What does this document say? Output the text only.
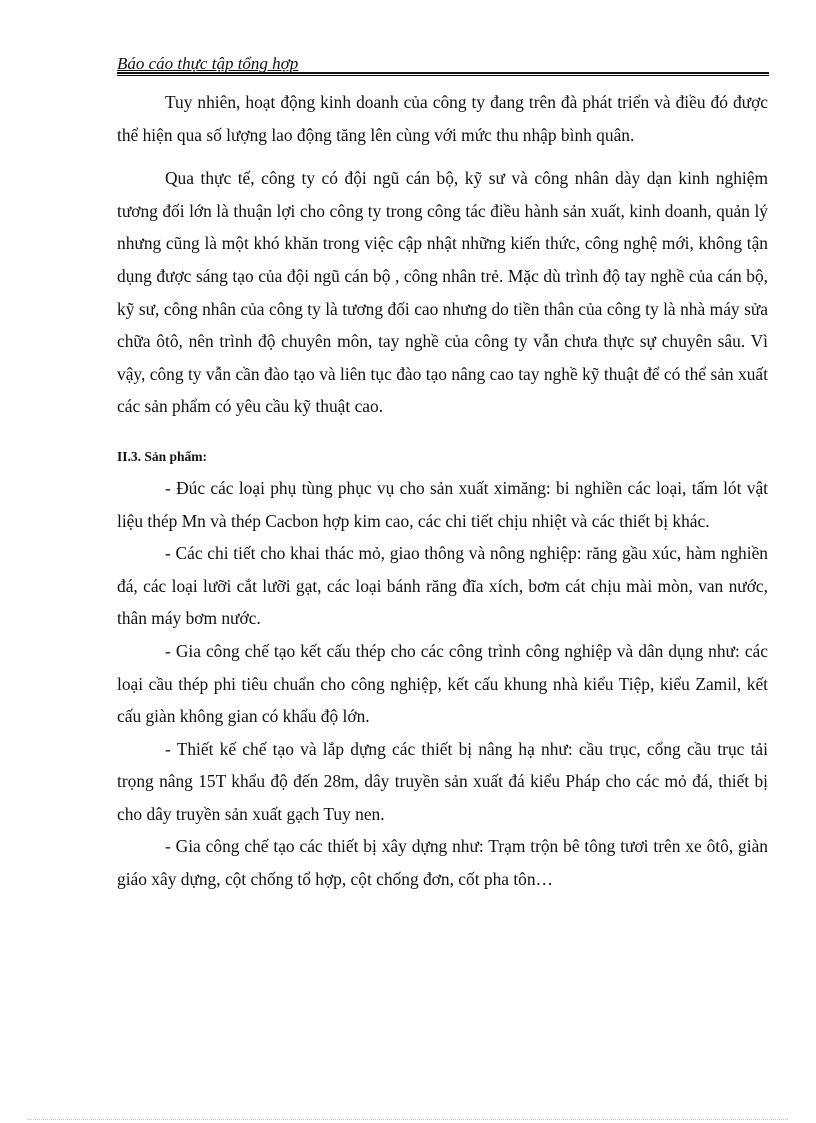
Báo cáo thực tập tổng hợp

Tuy nhiên, hoạt động kinh doanh của công ty đang trên đà phát triển và điều đó được thể hiện qua số lượng lao động tăng lên cùng với mức thu nhập bình quân.

Qua thực tế, công ty có đội ngũ cán bộ, kỹ sư và công nhân dày dạn kinh nghiệm tương đối lớn là thuận lợi cho công ty trong công tác điều hành sản xuất, kinh doanh, quản lý nhưng cũng là một khó khăn trong việc cập nhật những kiến thức, công nghệ mới, không tận dụng được sáng tạo của đội ngũ cán bộ , công nhân trẻ. Mặc dù trình độ tay nghề của cán bộ, kỹ sư, công nhân của công ty là tương đối cao nhưng do tiền thân của công ty là nhà máy sửa chữa ôtô, nên trình độ chuyên môn, tay nghề của công ty vẫn chưa thực sự chuyên sâu. Vì vậy, công ty vẫn cần đào tạo và liên tục đào tạo nâng cao tay nghề kỹ thuật để có thể sản xuất các sản phẩm có yêu cầu kỹ thuật cao.

II.3. Sản phẩm:

- Đúc các loại phụ tùng phục vụ cho sản xuất ximăng: bi nghiền các loại, tấm lót vật liệu thép Mn và thép Cacbon hợp kim cao, các chi tiết chịu nhiệt và các thiết bị khác.

- Các chi tiết cho khai thác mỏ, giao thông và nông nghiệp: răng gầu xúc, hàm nghiền đá, các loại lưỡi cắt lưỡi gạt, các loại bánh răng đĩa xích, bơm cát chịu mài mòn, van nước, thân máy bơm nước.

- Gia công chế tạo kết cấu thép cho các công trình công nghiệp và dân dụng như: các loại cầu thép phi tiêu chuẩn cho công nghiệp, kết cấu khung nhà kiểu Tiệp, kiểu Zamil, kết cấu giàn không gian có khẩu độ lớn.

- Thiết kế chế tạo và lắp dựng các thiết bị nâng hạ như: cầu trục, cổng cầu trục tải trọng nâng 15T khẩu độ đến 28m, dây truyền sản xuất đá kiểu Pháp cho các mỏ đá, thiết bị cho dây truyền sản xuất gạch Tuy nen.

- Gia công chế tạo các thiết bị xây dựng như: Trạm trộn bê tông tươi trên xe ôtô, giàn giáo xây dựng, cột chống tổ hợp, cột chống đơn, cốt pha tôn…
